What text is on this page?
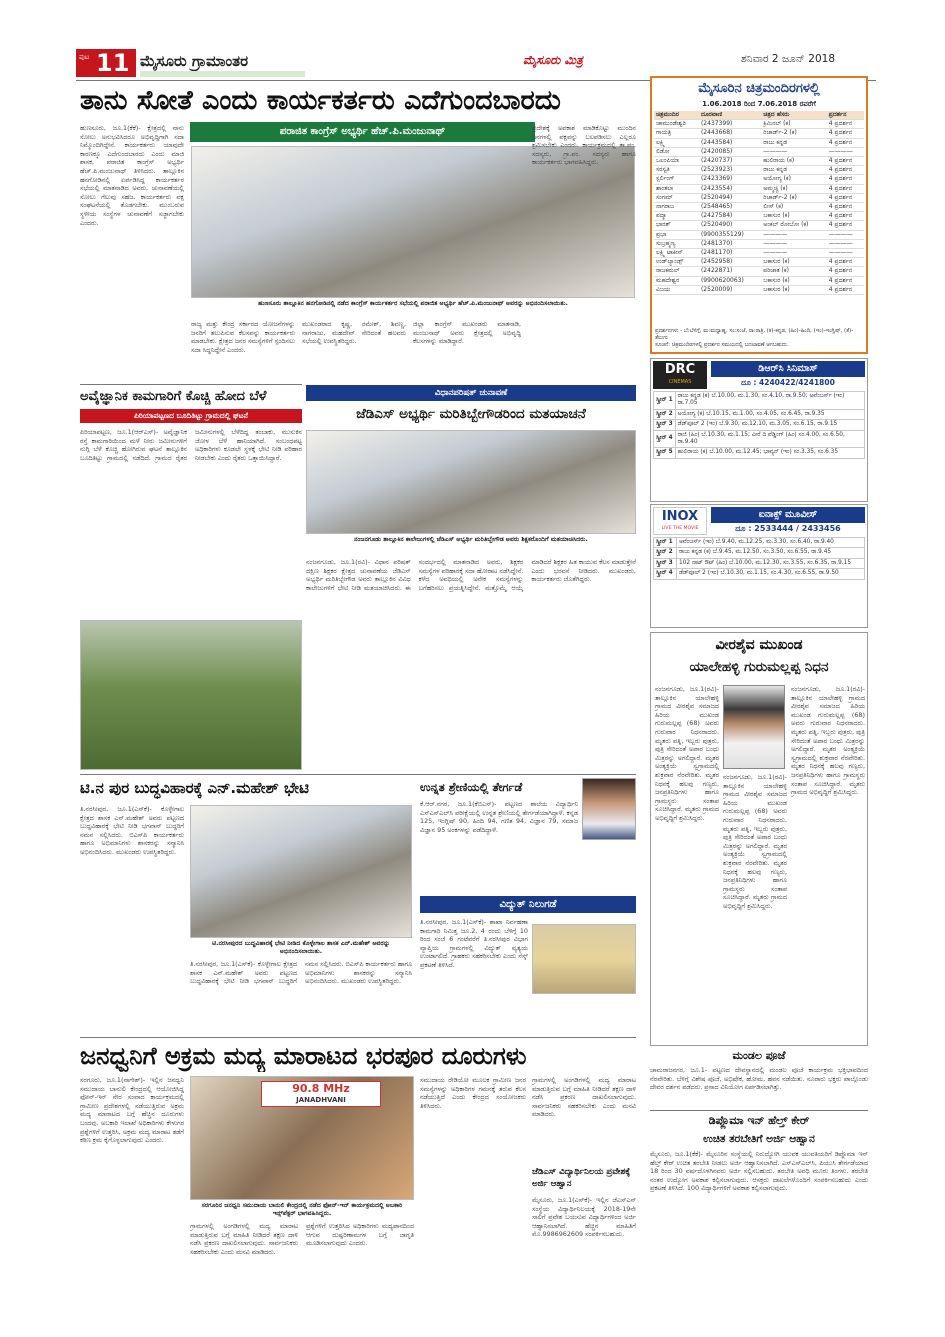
ಪುಟ 11 ಮೈಸೂರು ಗ್ರಾಮಾಂತರ	ಮೈಸೂರು ಮಿತ್ರ	ಶನಿವಾರ 2 ಜೂನ್ 2018
ತಾನು ಸೋತೆ ಎಂದು ಕಾರ್ಯಕರ್ತರು ಎದೆಗುಂದಬಾರದು
ಪರಾಜಿತ ಕಾಂಗ್ರೆಸ್ ಅಭ್ಯರ್ಥಿ ಹೆಚ್.ಪಿ.ಮಂಜುನಾಥ್
ಹುಣಸೂರು, ಜೂ.1(ಕೆಕೆ)- ಕ್ಷೇತ್ರದಲ್ಲಿ ನಾನು ಸೋಲು ಅನುಭವಿಸಿದರೂ ಅಭಿವೃದ್ಧಿಗಾಗಿ ಸದಾ ನಿಮ್ಮೊಂದಿಗಿದ್ದೇನೆ. ಕಾರ್ಯಕರ್ತರು ಯಾವುದೇ ಕಾರಣಕ್ಕೂ ಎದೆಗುಂದಬಾರದು ಎಂದು ಮಾಜಿ ಶಾಸಕ, ಪರಾಜಿತ ಕಾಂಗ್ರೆಸ್ ಅಭ್ಯರ್ಥಿ ಹೆಚ್.ಪಿ.ಮಂಜುನಾಥ್ ತಿಳಿಸಿದರು. ತಾಲ್ಲೂಕಿನ ಹನಗೋಡಿನಲ್ಲಿ ಏರ್ಪಡಿಸಿದ್ದ ಕಾರ್ಯಕರ್ತರ ಸಭೆಯಲ್ಲಿ ಮಾತನಾಡಿದ ಅವರು, ಚುನಾವಣೆಯಲ್ಲಿ ಸೋಲು ಗೆಲುವು ಸಹಜ. ಕಾರ್ಯಕರ್ತರು ಪಕ್ಷ ಸಂಘಟನೆಯಲ್ಲಿ ತೊಡಗಬೇಕು. ಮುಂಬರುವ ಸ್ಥಳೀಯ ಸಂಸ್ಥೆಗಳ ಚುನಾವಣೆಗೆ ಸಜ್ಜಾಗಬೇಕು ಎಂದರು.
ಹುಣಸೂರು ತಾಲ್ಲೂಕಿನ ಹನಗೋಡಿನಲ್ಲಿ ನಡೆದ ಕಾಂಗ್ರೆಸ್ ಕಾರ್ಯಕರ್ತರ ಸಭೆಯಲ್ಲಿ ಪರಾಜಿತ ಅಭ್ಯರ್ಥಿ ಹೆಚ್.ಪಿ.ಮಂಜುನಾಥ್ ಅವರನ್ನು ಅಭಿನಂದಿಸಲಾಯಿತು.
ರಾಜ್ಯ ಮತ್ತು ಕೇಂದ್ರ ಸರ್ಕಾರದ ಯೋಜನೆಗಳನ್ನು ಜನರಿಗೆ ತಲುಪಿಸುವ ಕೆಲಸವನ್ನು ಕಾರ್ಯಕರ್ತರು ಮಾಡಬೇಕು. ಕ್ಷೇತ್ರದ ಜನರ ಸಮಸ್ಯೆಗಳಿಗೆ ಸ್ಪಂದಿಸಲು ಸದಾ ಸಿದ್ಧನಿದ್ದೇನೆ ಎಂದರು.
ಮುಖಂಡರಾದ ಕೃಷ್ಣ, ರಮೇಶ್, ಶಿವಣ್ಣ, ನಾಗರಾಜು, ಮಹದೇವ್ ಸೇರಿದಂತೆ ಹಲವರು ಸಭೆಯಲ್ಲಿ ಉಪಸ್ಥಿತರಿದ್ದರು.
ಜಿಲ್ಲಾ ಕಾಂಗ್ರೆಸ್ ಮುಖಂಡರು ಮಾತನಾಡಿ, ಮಂಜುನಾಥ್ ಅವರು ಕ್ಷೇತ್ರದಲ್ಲಿ ಅಭಿವೃದ್ಧಿ ಕೆಲಸಗಳನ್ನು ಮಾಡಿದ್ದಾರೆ.
ಪ್ರದೇಶಕ್ಕೆ ಅವಕಾಶ ಮಾಡಿಕೊಟ್ಟು ಮುಂದಿನ ದಿನಗಳಲ್ಲಿ ಪಕ್ಷವನ್ನು ಬಲಪಡಿಸಲು ಎಲ್ಲರೂ ಶ್ರಮಿಸಬೇಕು ಎಂದರು. ಕಾರ್ಯಕ್ರಮದಲ್ಲಿ ತಾ.ಪಂ. ಸದಸ್ಯರು, ಗ್ರಾ.ಪಂ. ಸದಸ್ಯರು ಹಾಗೂ ಕಾರ್ಯಕರ್ತರು ಭಾಗವಹಿಸಿದ್ದರು.
ಅವೈಜ್ಞಾನಿಕ ಕಾಮಗಾರಿಗೆ ಕೊಚ್ಚಿ ಹೋದ ಬೆಳೆ
ಪಿರಿಯಾಪಟ್ಟಣದ ಬೂದಿತಿಟ್ಟು ಗ್ರಾಮದಲ್ಲಿ ಘಟನೆ
ಪಿರಿಯಾಪಟ್ಟಣ, ಜೂ.1(ಆರ್‌ಎಸ್)- ಅವೈಜ್ಞಾನಿಕ ರಸ್ತೆ ಕಾಮಗಾರಿಯಿಂದ ಮಳೆ ನೀರು ಜಮೀನುಗಳಿಗೆ ನುಗ್ಗಿ ಬೆಳೆ ಕೊಚ್ಚಿ ಹೋಗಿರುವ ಘಟನೆ ತಾಲ್ಲೂಕಿನ ಬೂದಿತಿಟ್ಟು ಗ್ರಾಮದಲ್ಲಿ ನಡೆದಿದೆ. ಗ್ರಾಮದ ರೈತರ ಜಮೀನುಗಳಲ್ಲಿ ಬೆಳೆದಿದ್ದ ತಂಬಾಕು, ಮುಸುಕಿನ ಜೋಳ ಬೆಳೆ ಹಾನಿಯಾಗಿದೆ. ಸಂಬಂಧಪಟ್ಟ ಅಧಿಕಾರಿಗಳು ಕೂಡಲೇ ಸ್ಥಳಕ್ಕೆ ಭೇಟಿ ನೀಡಿ ಪರಿಹಾರ ನೀಡಬೇಕು ಎಂದು ರೈತರು ಒತ್ತಾಯಿಸಿದ್ದಾರೆ.
ವಿಧಾನಪರಿಷತ್ ಚುನಾವಣೆ
ಜೆಡಿಎಸ್ ಅಭ್ಯರ್ಥಿ ಮರಿತಿಬ್ಬೇಗೌಡರಿಂದ ಮತಯಾಚನೆ
ನಂಜನಗೂಡು ತಾಲ್ಲೂಕಿನ ಕಾಲೇಜುಗಳಲ್ಲಿ ಜೆಡಿಎಸ್ ಅಭ್ಯರ್ಥಿ ಮರಿತಿಬ್ಬೇಗೌಡ ಅವರು ಶಿಕ್ಷಕರೊಂದಿಗೆ ಮತಯಾಚಿಸಿದರು.
ನಂಜನಗೂಡು, ಜೂ.1(ರವಿ)- ವಿಧಾನ ಪರಿಷತ್ ದಕ್ಷಿಣ ಶಿಕ್ಷಕರ ಕ್ಷೇತ್ರದ ಚುನಾವಣೆಯ ಜೆಡಿಎಸ್ ಅಭ್ಯರ್ಥಿ ಮರಿತಿಬ್ಬೇಗೌಡ ಅವರು ತಾಲ್ಲೂಕಿನ ವಿವಿಧ ಕಾಲೇಜುಗಳಿಗೆ ಭೇಟಿ ನೀಡಿ ಮತಯಾಚಿಸಿದರು. ಈ ಸಂದರ್ಭದಲ್ಲಿ ಮಾತನಾಡಿದ ಅವರು, ಶಿಕ್ಷಕರ ಸಮಸ್ಯೆಗಳ ಪರಿಹಾರಕ್ಕೆ ಸದಾ ಹೋರಾಟ ನಡೆಸಿದ್ದೇನೆ. ಕಳೆದ ಅವಧಿಯಲ್ಲಿ ಅನೇಕ ಸಮಸ್ಯೆಗಳನ್ನು ಬಗೆಹರಿಸಲು ಪ್ರಯತ್ನಿಸಿದ್ದೇನೆ. ಮತ್ತೊಮ್ಮೆ ಆಯ್ಕೆ ಮಾಡಿದರೆ ಶಿಕ್ಷಕರ ಹಿತ ಕಾಯುವ ಕೆಲಸ ಮಾಡುತ್ತೇನೆ ಎಂದು ಭರವಸೆ ನೀಡಿದರು. ಮುಖಂಡರು, ಕಾರ್ಯಕರ್ತರು ಜೊತೆಗಿದ್ದರು.
ಟಿ.ನ ಪುರ ಬುದ್ಧವಿಹಾರಕ್ಕೆ ಎನ್.ಮಹೇಶ್ ಭೇಟಿ
ತಿ.ನರಸೀಪುರ, ಜೂ.1(ಎಸ್‌ಕೆ)- ಕೊಳ್ಳೇಗಾಲ ಕ್ಷೇತ್ರದ ಶಾಸಕ ಎನ್.ಮಹೇಶ್ ಅವರು ಪಟ್ಟಣದ ಬುದ್ಧವಿಹಾರಕ್ಕೆ ಭೇಟಿ ನೀಡಿ ಭಗವಾನ್ ಬುದ್ಧರಿಗೆ ನಮನ ಸಲ್ಲಿಸಿದರು. ಬಿಎಸ್‌ಪಿ ಕಾರ್ಯಕರ್ತರು ಹಾಗೂ ಅಭಿಮಾನಿಗಳು ಶಾಸಕರನ್ನು ಸನ್ಮಾನಿಸಿ ಅಭಿನಂದಿಸಿದರು. ಮುಖಂಡರು ಉಪಸ್ಥಿತರಿದ್ದರು.
ಟಿ.ನರಸೀಪುರದ ಬುದ್ಧವಿಹಾರಕ್ಕೆ ಭೇಟಿ ನೀಡಿದ ಕೊಳ್ಳೇಗಾಲ ಶಾಸಕ ಎನ್.ಮಹೇಶ್ ಅವರನ್ನು ಅಭಿನಂದಿಸಲಾಯಿತು.
ತಿ.ನರಸೀಪುರ, ಜೂ.1(ಎಸ್‌ಕೆ)- ಕೊಳ್ಳೇಗಾಲ ಕ್ಷೇತ್ರದ ಶಾಸಕ ಎನ್.ಮಹೇಶ್ ಅವರು ಪಟ್ಟಣದ ಬುದ್ಧವಿಹಾರಕ್ಕೆ ಭೇಟಿ ನೀಡಿ ಭಗವಾನ್ ಬುದ್ಧರಿಗೆ ನಮನ ಸಲ್ಲಿಸಿದರು. ಬಿಎಸ್‌ಪಿ ಕಾರ್ಯಕರ್ತರು ಹಾಗೂ ಅಭಿಮಾನಿಗಳು ಶಾಸಕರನ್ನು ಸನ್ಮಾನಿಸಿ ಅಭಿನಂದಿಸಿದರು. ಮುಖಂಡರು ಉಪಸ್ಥಿತರಿದ್ದರು.
ಉನ್ನತ ಶ್ರೇಣಿಯಲ್ಲಿ ತೇರ್ಗಡೆ
ಕೆ.ಆರ್.ನಗರ, ಜೂ.1(ಕೆಬಿಎಸ್)- ಪಟ್ಟಣದ ಶಾಲೆಯ ವಿದ್ಯಾರ್ಥಿನಿ ಎಸ್ಎಸ್ಎಲ್‌ಸಿ ಪರೀಕ್ಷೆಯಲ್ಲಿ ಉನ್ನತ ಶ್ರೇಣಿಯಲ್ಲಿ ತೇರ್ಗಡೆಯಾಗಿದ್ದಾಳೆ. ಕನ್ನಡ 125, ಇಂಗ್ಲಿಷ್ 90, ಹಿಂದಿ 94, ಗಣಿತ 94, ವಿಜ್ಞಾನ 79, ಸಮಾಜ ವಿಜ್ಞಾನ 95 ಅಂಕಗಳನ್ನು ಪಡೆದಿದ್ದಾಳೆ.
ವಿದ್ಯುತ್ ನಿಲುಗಡೆ
ತಿ.ನರಸೀಪುರ, ಜೂ.1(ಎಸ್‌ಕೆ)- ಶಾಖಾ ನಿರ್ವಹಣಾ ಕಾಮಗಾರಿ ನಿಮಿತ್ತ ಜೂ.2, 4 ರಂದು ಬೆಳಿಗ್ಗೆ 10 ರಿಂದ ಸಂಜೆ 6 ಗಂಟೆವರೆಗೆ ತಿ.ನರಸೀಪುರ ವಿಭಾಗ ವ್ಯಾಪ್ತಿಯ ಗ್ರಾಮಗಳಲ್ಲಿ ವಿದ್ಯುತ್ ವ್ಯತ್ಯಯ ಉಂಟಾಗಲಿದೆ. ಗ್ರಾಹಕರು ಸಹಕರಿಸಬೇಕು ಎಂದು ಸೆಸ್ಕ್ ಪ್ರಕಟಣೆ ತಿಳಿಸಿದೆ.
ಜನಧ್ವನಿಗೆ ಅಕ್ರಮ ಮದ್ಯ ಮಾರಾಟದ ಭರಪೂರ ದೂರುಗಳು
ಸರಗೂರು, ಜೂ.1(ನಾಗೇಶ್)- ಇಲ್ಲಿನ ಜನಧ್ವನಿ ಸಮುದಾಯ ಬಾನುಲಿ ಕೇಂದ್ರದಲ್ಲಿ ಆಯೋಜಿಸಿದ್ದ ಫೋನ್-ಇನ್ ನೇರ ಸಂವಾದ ಕಾರ್ಯಕ್ರಮದಲ್ಲಿ ಗ್ರಾಮೀಣ ಪ್ರದೇಶಗಳಲ್ಲಿ ನಡೆಯುತ್ತಿರುವ ಅಕ್ರಮ ಮದ್ಯ ಮಾರಾಟದ ಬಗ್ಗೆ ಹೆಚ್ಚಿನ ದೂರುಗಳು ಬಂದವು. ಅಬಕಾರಿ ಇಲಾಖೆ ಅಧಿಕಾರಿಗಳು ಕೇಳುಗರ ಪ್ರಶ್ನೆಗಳಿಗೆ ಉತ್ತರಿಸಿ, ಅಕ್ರಮ ಮದ್ಯ ಮಾರಾಟ ತಡೆಗೆ ಕಠಿಣ ಕ್ರಮ ಕೈಗೊಳ್ಳಲಾಗುವುದು ಎಂದರು.
90.8 MHz
JANADHVANI
ಸರಗೂರಿನ ಜನಧ್ವನಿ ಸಮುದಾಯ ಬಾನುಲಿ ಕೇಂದ್ರದಲ್ಲಿ ನಡೆದ ಫೋನ್-ಇನ್ ಕಾರ್ಯಕ್ರಮದಲ್ಲಿ ಅಬಕಾರಿ ಇನ್ಸ್‌ಪೆಕ್ಟರ್ ಭಾಗವಹಿಸಿದ್ದರು.
ಗ್ರಾಮಗಳಲ್ಲಿ ಅಂಗಡಿಗಳಲ್ಲಿ ಮದ್ಯ ಮಾರಾಟ ಮಾಡುತ್ತಿರುವ ಬಗ್ಗೆ ಮಾಹಿತಿ ನೀಡಿದರೆ ತಕ್ಷಣ ದಾಳಿ ನಡೆಸಿ ಪ್ರಕರಣ ದಾಖಲಿಸಲಾಗುವುದು. ಸಾರ್ವಜನಿಕರು ಸಹಕರಿಸಬೇಕು ಎಂದು ಮನವಿ ಮಾಡಿದರು.
ಪ್ರಶ್ನೆಗಳಿಗೆ ಉತ್ತರಿಸಿದ ಅಧಿಕಾರಿಗಳು ಮದ್ಯಪಾನದಿಂದ ಆಗುವ ದುಷ್ಪರಿಣಾಮಗಳ ಬಗ್ಗೆ ಜಾಗೃತಿ ಮೂಡಿಸಲಾಗುವುದು ಎಂದರು.
ಸಮುದಾಯ ರೇಡಿಯೋ ಮೂಲಕ ಗ್ರಾಮೀಣ ಜನರ ಸಮಸ್ಯೆಗಳನ್ನು ಅಧಿಕಾರಿಗಳ ಗಮನಕ್ಕೆ ತರುವ ಕೆಲಸ ನಡೆಯುತ್ತಿದೆ ಎಂದು ಕೇಂದ್ರದ ಸಂಯೋಜಕರು ತಿಳಿಸಿದರು.
ಗ್ರಾಮಗಳಲ್ಲಿ ಅಂಗಡಿಗಳಲ್ಲಿ ಮದ್ಯ ಮಾರಾಟ ಮಾಡುತ್ತಿರುವ ಬಗ್ಗೆ ಮಾಹಿತಿ ನೀಡಿದರೆ ತಕ್ಷಣ ದಾಳಿ ನಡೆಸಿ ಪ್ರಕರಣ ದಾಖಲಿಸಲಾಗುವುದು. ಸಾರ್ವಜನಿಕರು ಸಹಕರಿಸಬೇಕು ಎಂದು ಮನವಿ ಮಾಡಿದರು.
ಜೆಡಿಎಸ್ ವಿದ್ಯಾರ್ಥಿನಿಲಯ ಪ್ರವೇಶಕ್ಕೆ ಅರ್ಜಿ ಆಹ್ವಾನ
ಮೈಸೂರು, ಜೂ.1(ಎಸ್‌ಕೆ)- ಇಲ್ಲಿನ ಜೆಎಸ್‌ಎಸ್ ಸಂಸ್ಥೆಯ ವಿದ್ಯಾರ್ಥಿನಿಲಯಕ್ಕೆ 2018-19ನೇ ಸಾಲಿಗೆ ಪ್ರವೇಶ ಬಯಸುವ ವಿದ್ಯಾರ್ಥಿಗಳಿಂದ ಅರ್ಜಿ ಆಹ್ವಾನಿಸಲಾಗಿದೆ. ಹೆಚ್ಚಿನ ಮಾಹಿತಿಗೆ ಮೊ.9986962609 ಸಂಪರ್ಕಿಸಬಹುದು.
ಮೈಸೂರಿನ ಚಿತ್ರಮಂದಿರಗಳಲ್ಲಿ
1.06.2018 ರಿಂದ 7.06.2018 ರವರೆಗೆ
ಚಿತ್ರಮಂದಿರ	ದೂರವಾಣಿ	ಚಿತ್ರದ ಹೆಸರು	ಪ್ರದರ್ಶನ
ಚಾಮುಂಡೇಶ್ವರಿ	(2437399)	ಕ್ರಿಮಿನಲ್ (ಕ)	4 ಪ್ರದರ್ಶನ
ಗಾಯತ್ರಿ	(2443668)	ರಿಚಾರ್ಡ್‌-2 (ಕ)	4 ಪ್ರದರ್ಶನ
ಲಕ್ಷ್ಮಿ	(2443584)	ರಾಜು ಕನ್ನಡ	4 ಪ್ರದರ್ಶನ
ಲಿಡೋ	(2420085)	————	————
ಒಲಂಪಿಯಾ	(2420737)	ಹುಲಿರಾಯ (ಕ)	4 ಪ್ರದರ್ಶನ
ಸರಸ್ವತಿ	(2523923)	ರಾಜು ಕನ್ನಡ	4 ಪ್ರದರ್ಶನ
ಸ್ಟರ್ಲಿಂಗ್	(2423369)	ಅಯೋಗ್ಯ (ಕ)	4 ಪ್ರದರ್ಶನ
ಶಾಂತಲಾ	(2423554)	ಅಮ್ಮಚ್ಚಿ (ಕ)	4 ಪ್ರದರ್ಶನ
ಸಂಗಮ್	(2520494)	ರಿಚಾರ್ಡ್‌-2 (ಕ)	4 ಪ್ರದರ್ಶನ
ನಾಗರಾಜ	(2548465)	ಲೀಸ್ (ಕ)	4 ಪ್ರದರ್ಶನ
ಪದ್ಮಾ	(2427584)	ಬಕಾಸುರ (ಕ)	4 ಪ್ರದರ್ಶನ
ಭಾರತ್	(2520490)	ಅಂಕಲ್ ರೋಬೋ (ಕ)	4 ಪ್ರದರ್ಶನ
ಪ್ರಭಾ	(9900355129)	————	————
ಸುಬ್ರಹ್ಮಣ್ಯ	(2481370)	————	————
ಲಕ್ಷ್ಮಿ ಟಾಕೀಸ್	(2481170)	————	————
ಉಡ್‌ಲ್ಯಾಂಡ್ಸ್	(2452958)	ಬಕಾಸುರ (ಕ)	4 ಪ್ರದರ್ಶನ
ರಾಜಕಮಲ್	(2422871)	ಪರಿಜಾತ (ಕ)	4 ಪ್ರದರ್ಶನ
ಮಹದೇಶ್ವರ	(9900620063)	ಬಕಾಸುರ (ಕ)	4 ಪ್ರದರ್ಶನ
ವಿಜಯ	(2520009)	ಬಕಾಸುರ (ಕ)	4 ಪ್ರದರ್ಶನ
ಪ್ರದರ್ಶನಗಳು - ಬೆ:ಬೆಳಿಗ್ಗೆ, ಮ:ಮಧ್ಯಾಹ್ನ, ಸಂ:ಸಂಜೆ, ರಾ:ರಾತ್ರಿ, (ಕ)-ಕನ್ನಡ, (ಹಿಂ)-ಹಿಂದಿ, (ಇಂ)-ಇಂಗ್ಲಿಷ್, (ತೆ)-ತೆಲುಗು
ಸೂಚನೆ: ಚಿತ್ರಮಂದಿರಗಳಲ್ಲಿ ಪ್ರದರ್ಶನ ಸಮಯದಲ್ಲಿ ಬದಲಾವಣೆ ಆಗಬಹುದು.
DRC
CINEMAS
ಡಿಆರ್‌ಸಿ ಸಿನಿಮಾಸ್
ದೂ : 4240422/4241800
ಸ್ಕ್ರೀನ್ 1	ರಾಜು ಕನ್ನಡ (ಕ) ಬೆ.10.00, ಮ.1.30, ಸಂ.4.10, ರಾ.9.50; ಅವೆಂಜರ್ಸ್ (ಇಂ) ರಾ.7.05
ಸ್ಕ್ರೀನ್ 2	ಅಯೋಗ್ಯ (ಕ) ಬೆ.10.15, ಮ.1.00, ಸಂ.4.05, ಸಂ.6.45, ರಾ.9.35
ಸ್ಕ್ರೀನ್ 3	ಡೆಡ್‌ಪೂಲ್ 2 (ಇಂ) ಬೆ.9.30, ಮ.12.10, ಮ.3.05, ಸಂ.6.15, ರಾ.9.15
ಸ್ಕ್ರೀನ್ 4	ರಾಜಿ (ಹಿಂ) ಬೆ.10.30, ಮ.1.15; ವೀರೆ ದಿ ವೆಡ್ಡಿಂಗ್ (ಹಿಂ) ಸಂ.4.00, ಸಂ.6.50, ರಾ.9.40
ಸ್ಕ್ರೀನ್ 5	ಹುಲಿರಾಯ (ಕ) ಬೆ.10.00, ಮ.12.45; ಭಾವ್ಯನ್ (ಇಂ) ಸಂ.3.35, ಸಂ.6.35
INOX
LIVE THE MOVIE
ಐನಾಕ್ಸ್ ಮೂವೀಸ್
ದೂ : 2533444 / 2433456
ಸ್ಕ್ರೀನ್ 1	ಅವೆಂಜರ್ಸ್ (ಇಂ) ಬೆ.9.40, ಮ.12.25, ಮ.3.30, ಸಂ.6.40, ರಾ.9.40
ಸ್ಕ್ರೀನ್ 2	ರಾಜು ಕನ್ನಡ (ಕ) ಬೆ.9.45, ಮ.12.50, ಸಂ.3.50, ಸಂ.6.55, ರಾ.9.45
ಸ್ಕ್ರೀನ್ 3	102 ನಾಟ್ ಔಟ್ (ಹಿಂ) ಬೆ.10.00, ಮ.12.30, ಸಂ.3.55, ಸಂ.6.35, ರಾ.9.15
ಸ್ಕ್ರೀನ್ 4	ಡೆಡ್‌ಪೂಲ್ 2 (ಇಂ) ಬೆ.10.30, ಮ.1.15, ಸಂ.4.30, ಸಂ.6.55, ರಾ.9.50
ವೀರಶೈವ ಮುಖಂಡ
ಯಾಲೇಹಳ್ಳಿ ಗುರುಮಲ್ಲಪ್ಪ ನಿಧನ
ನಂಜನಗೂಡು, ಜೂ.1(ರವಿ)- ತಾಲ್ಲೂಕಿನ ಯಾಲೇಹಳ್ಳಿ ಗ್ರಾಮದ ವೀರಶೈವ ಸಮಾಜದ ಹಿರಿಯ ಮುಖಂಡ ಗುರುಮಲ್ಲಪ್ಪ (68) ಅವರು ಗುರುವಾರ ನಿಧನರಾದರು. ಮೃತರು ಪತ್ನಿ, ಇಬ್ಬರು ಪುತ್ರರು, ಪುತ್ರಿ ಸೇರಿದಂತೆ ಅಪಾರ ಬಂಧು ಮಿತ್ರರನ್ನು ಅಗಲಿದ್ದಾರೆ. ಮೃತರ ಅಂತ್ಯಕ್ರಿಯೆ ಸ್ವಗ್ರಾಮದಲ್ಲಿ ಶುಕ್ರವಾರ ನೆರವೇರಿತು. ಮೃತರ ನಿಧನಕ್ಕೆ ಹಲವು ಗಣ್ಯರು, ಜನಪ್ರತಿನಿಧಿಗಳು ಹಾಗೂ ಗ್ರಾಮಸ್ಥರು ಸಂತಾಪ ಸೂಚಿಸಿದ್ದಾರೆ. ಮೃತರು ಗ್ರಾಮದ ಅಭಿವೃದ್ಧಿಗೆ ಶ್ರಮಿಸಿದ್ದರು.
ನಂಜನಗೂಡು, ಜೂ.1(ರವಿ)- ತಾಲ್ಲೂಕಿನ ಯಾಲೇಹಳ್ಳಿ ಗ್ರಾಮದ ವೀರಶೈವ ಸಮಾಜದ ಹಿರಿಯ ಮುಖಂಡ ಗುರುಮಲ್ಲಪ್ಪ (68) ಅವರು ಗುರುವಾರ ನಿಧನರಾದರು. ಮೃತರು ಪತ್ನಿ, ಇಬ್ಬರು ಪುತ್ರರು, ಪುತ್ರಿ ಸೇರಿದಂತೆ ಅಪಾರ ಬಂಧು ಮಿತ್ರರನ್ನು ಅಗಲಿದ್ದಾರೆ. ಮೃತರ ಅಂತ್ಯಕ್ರಿಯೆ ಸ್ವಗ್ರಾಮದಲ್ಲಿ ಶುಕ್ರವಾರ ನೆರವೇರಿತು. ಮೃತರ ನಿಧನಕ್ಕೆ ಹಲವು ಗಣ್ಯರು, ಜನಪ್ರತಿನಿಧಿಗಳು ಹಾಗೂ ಗ್ರಾಮಸ್ಥರು ಸಂತಾಪ ಸೂಚಿಸಿದ್ದಾರೆ. ಮೃತರು ಗ್ರಾಮದ ಅಭಿವೃದ್ಧಿಗೆ ಶ್ರಮಿಸಿದ್ದರು.
ನಂಜನಗೂಡು, ಜೂ.1(ರವಿ)- ತಾಲ್ಲೂಕಿನ ಯಾಲೇಹಳ್ಳಿ ಗ್ರಾಮದ ವೀರಶೈವ ಸಮಾಜದ ಹಿರಿಯ ಮುಖಂಡ ಗುರುಮಲ್ಲಪ್ಪ (68) ಅವರು ಗುರುವಾರ ನಿಧನರಾದರು. ಮೃತರು ಪತ್ನಿ, ಇಬ್ಬರು ಪುತ್ರರು, ಪುತ್ರಿ ಸೇರಿದಂತೆ ಅಪಾರ ಬಂಧು ಮಿತ್ರರನ್ನು ಅಗಲಿದ್ದಾರೆ. ಮೃತರ ಅಂತ್ಯಕ್ರಿಯೆ ಸ್ವಗ್ರಾಮದಲ್ಲಿ ಶುಕ್ರವಾರ ನೆರವೇರಿತು. ಮೃತರ ನಿಧನಕ್ಕೆ ಹಲವು ಗಣ್ಯರು, ಜನಪ್ರತಿನಿಧಿಗಳು ಹಾಗೂ ಗ್ರಾಮಸ್ಥರು ಸಂತಾಪ ಸೂಚಿಸಿದ್ದಾರೆ. ಮೃತರು ಗ್ರಾಮದ ಅಭಿವೃದ್ಧಿಗೆ ಶ್ರಮಿಸಿದ್ದರು.
ಮಂಡಲ ಪೂಜೆ
ಚಾಮರಾಜನಗರ, ಜೂ.1- ಪಟ್ಟಣದ ದೇವಸ್ಥಾನದಲ್ಲಿ ಮಂಡಲ ಪೂಜೆ ಕಾರ್ಯಕ್ರಮ ಭಕ್ತಿಭಾವದಿಂದ ನೆರವೇರಿತು. ಬೆಳಿಗ್ಗೆ ವಿಶೇಷ ಪೂಜೆ, ಅಭಿಷೇಕ, ಹೋಮ, ಹವನ ನಡೆಯಿತು. ನೂರಾರು ಭಕ್ತರು ಪಾಲ್ಗೊಂಡು ದೇವರ ದರ್ಶನ ಪಡೆದರು. ಪ್ರಸಾದ ವಿನಿಯೋಗ ಏರ್ಪಡಿಸಲಾಗಿತ್ತು.
ಡಿಪ್ಲೊಮಾ ಇನ್ ಹೆಲ್ತ್ ಕೇರ್
ಉಚಿತ ತರಬೇತಿಗೆ ಅರ್ಜಿ ಆಹ್ವಾನ
ಮೈಸೂರು, ಜೂ.1(ಕೆಕೆ)- ಮೈಸೂರಿನ ಸಂಸ್ಥೆಯಲ್ಲಿ ನಿರುದ್ಯೋಗಿ ಯುವಕ ಯುವತಿಯರಿಗೆ ಡಿಪ್ಲೊಮಾ ಇನ್ ಹೆಲ್ತ್ ಕೇರ್ ಉಚಿತ ತರಬೇತಿ ನೀಡಲು ಅರ್ಜಿ ಆಹ್ವಾನಿಸಲಾಗಿದೆ. ಎಸ್ಎಸ್ಎಲ್‌ಸಿ, ಪಿಯುಸಿ ತೇರ್ಗಡೆಯಾದ 18 ರಿಂದ 30 ವರ್ಷದೊಳಗಿನವರು ಅರ್ಜಿ ಸಲ್ಲಿಸಬಹುದು. ತರಬೇತಿ ಅವಧಿ ಮೂರು ತಿಂಗಳು. ತರಬೇತಿ ನಂತರ ಉದ್ಯೋಗ ಅವಕಾಶ ಕಲ್ಪಿಸಲಾಗುವುದು. ಆಸಕ್ತರು ದಾಖಲೆಗಳೊಂದಿಗೆ ಸಂಪರ್ಕಿಸಬಹುದು ಎಂದು ಪ್ರಕಟಣೆ ತಿಳಿಸಿದೆ. 100 ವಿದ್ಯಾರ್ಥಿಗಳಿಗೆ ಅವಕಾಶ ಕಲ್ಪಿಸಲಾಗುವುದು.
